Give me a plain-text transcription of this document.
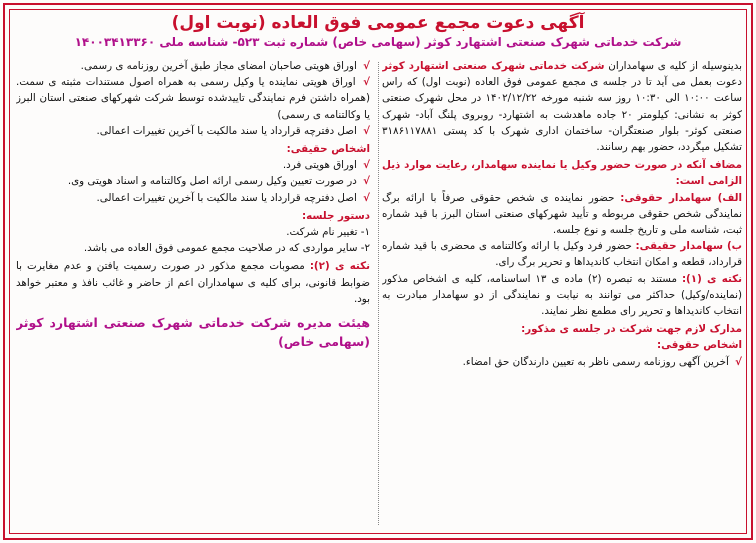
آگهی دعوت مجمع عمومی فوق العاده (نوبت اول)
شرکت خدماتی شهرک صنعتی اشتهارد کوثر (سهامی خاص) شماره ثبت ۵۲۳- شناسه ملی ۱۴۰۰۳۴۱۳۳۶۰

بدینوسیله از کلیه ی سهامداران شرکت خدماتی شهرک صنعتی اشتهارد کوثر دعوت بعمل می آید تا در جلسه ی مجمع عمومی فوق العاده (نوبت اول) که راس ساعت ۱۰:۰۰ الی ۱۰:۳۰ روز سه شنبه مورخه ۱۴۰۲/۱۲/۲۲ در محل شهرک صنعتی کوثر به نشانی: کیلومتر ۲۰ جاده ماهدشت به اشتهارد- روبروی پلنگ آباد- شهرک صنعتی کوثر- بلوار صنعتگران- ساختمان اداری شهرک با کد پستی ۳۱۸۶۱۱۷۸۸۱ تشکیل میگردد، حضور بهم رسانند.

مضاف آنکه در صورت حضور وکیل یا نماینده سهامدار، رعایت موارد ذیل الزامی است:

الف) سهامدار حقوقی: حضور نماینده ی شخص حقوقی صرفاً با ارائه برگ نمایندگی شخص حقوقی مربوطه و تأیید شهرکهای صنعتی استان البرز با قید شماره ثبت، شناسه ملی و تاریخ جلسه و نوع جلسه.

ب) سهامدار حقیقی: حضور فرد وکیل با ارائه وکالتنامه ی محضری با قید شماره قرارداد، قطعه و امکان انتخاب کاندیداها و تحریر برگ رای.

نکته ی (۱): مستند به تبصره (۲) ماده ی ۱۳ اساسنامه، کلیه ی اشخاص مذکور (نماینده/وکیل) حداکثر می توانند به نیابت و نمایندگی از دو سهامدار مبادرت به انتخاب کاندیداها و تحریر رای مطمع نظر نمایند.

مدارک لازم جهت شرکت در جلسه ی مذکور:

اشخاص حقوقی:

√ آخرین آگهی روزنامه رسمی ناظر به تعیین دارندگان حق امضاء.

√ اوراق هویتی صاحبان امضای مجاز طبق آخرین روزنامه ی رسمی.

√ اوراق هویتی نماینده یا وکیل رسمی به همراه اصول مستندات مثبته ی سمت. (همراه داشتن فرم نمایندگی تاییدشده توسط شرکت شهرکهای صنعتی استان البرز یا وکالتنامه ی رسمی)

√ اصل دفترچه قرارداد یا سند مالکیت با آخرین تغییرات اعمالی.

اشخاص حقیقی:

√ اوراق هویتی فرد.

√ در صورت تعیین وکیل رسمی ارائه اصل وکالتنامه و اسناد هویتی وی.

√ اصل دفترچه قرارداد یا سند مالکیت با آخرین تغییرات اعمالی.

دستور جلسه:

۱- تغییر نام شرکت.

۲- سایر مواردی که در صلاحیت مجمع عمومی فوق العاده می باشد.

نکته ی (۲): مصوبات مجمع مذکور در صورت رسمیت یافتن و عدم مغایرت با ضوابط قانونی، برای کلیه ی سهامداران اعم از حاضر و غائب نافذ و معتبر خواهد بود.

هیئت مدیره شرکت خدماتی شهرک صنعتی اشتهارد کوثر (سهامی خاص)
